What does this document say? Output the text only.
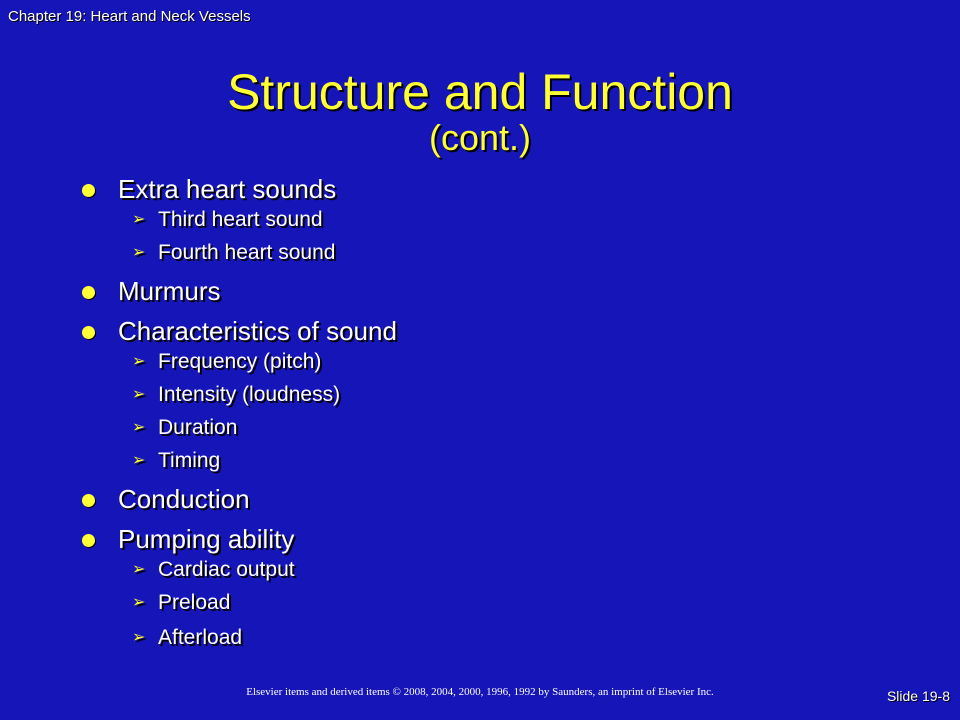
Chapter 19: Heart and Neck Vessels
Structure and Function
(cont.)
Extra heart sounds
➢ Third heart sound
➢ Fourth heart sound
Murmurs
Characteristics of sound
➢ Frequency (pitch)
➢ Intensity (loudness)
➢ Duration
➢ Timing
Conduction
Pumping ability
➢ Cardiac output
➢ Preload
➢ Afterload
Elsevier items and derived items © 2008, 2004, 2000, 1996, 1992 by Saunders, an imprint of Elsevier Inc.	Slide 19-8
